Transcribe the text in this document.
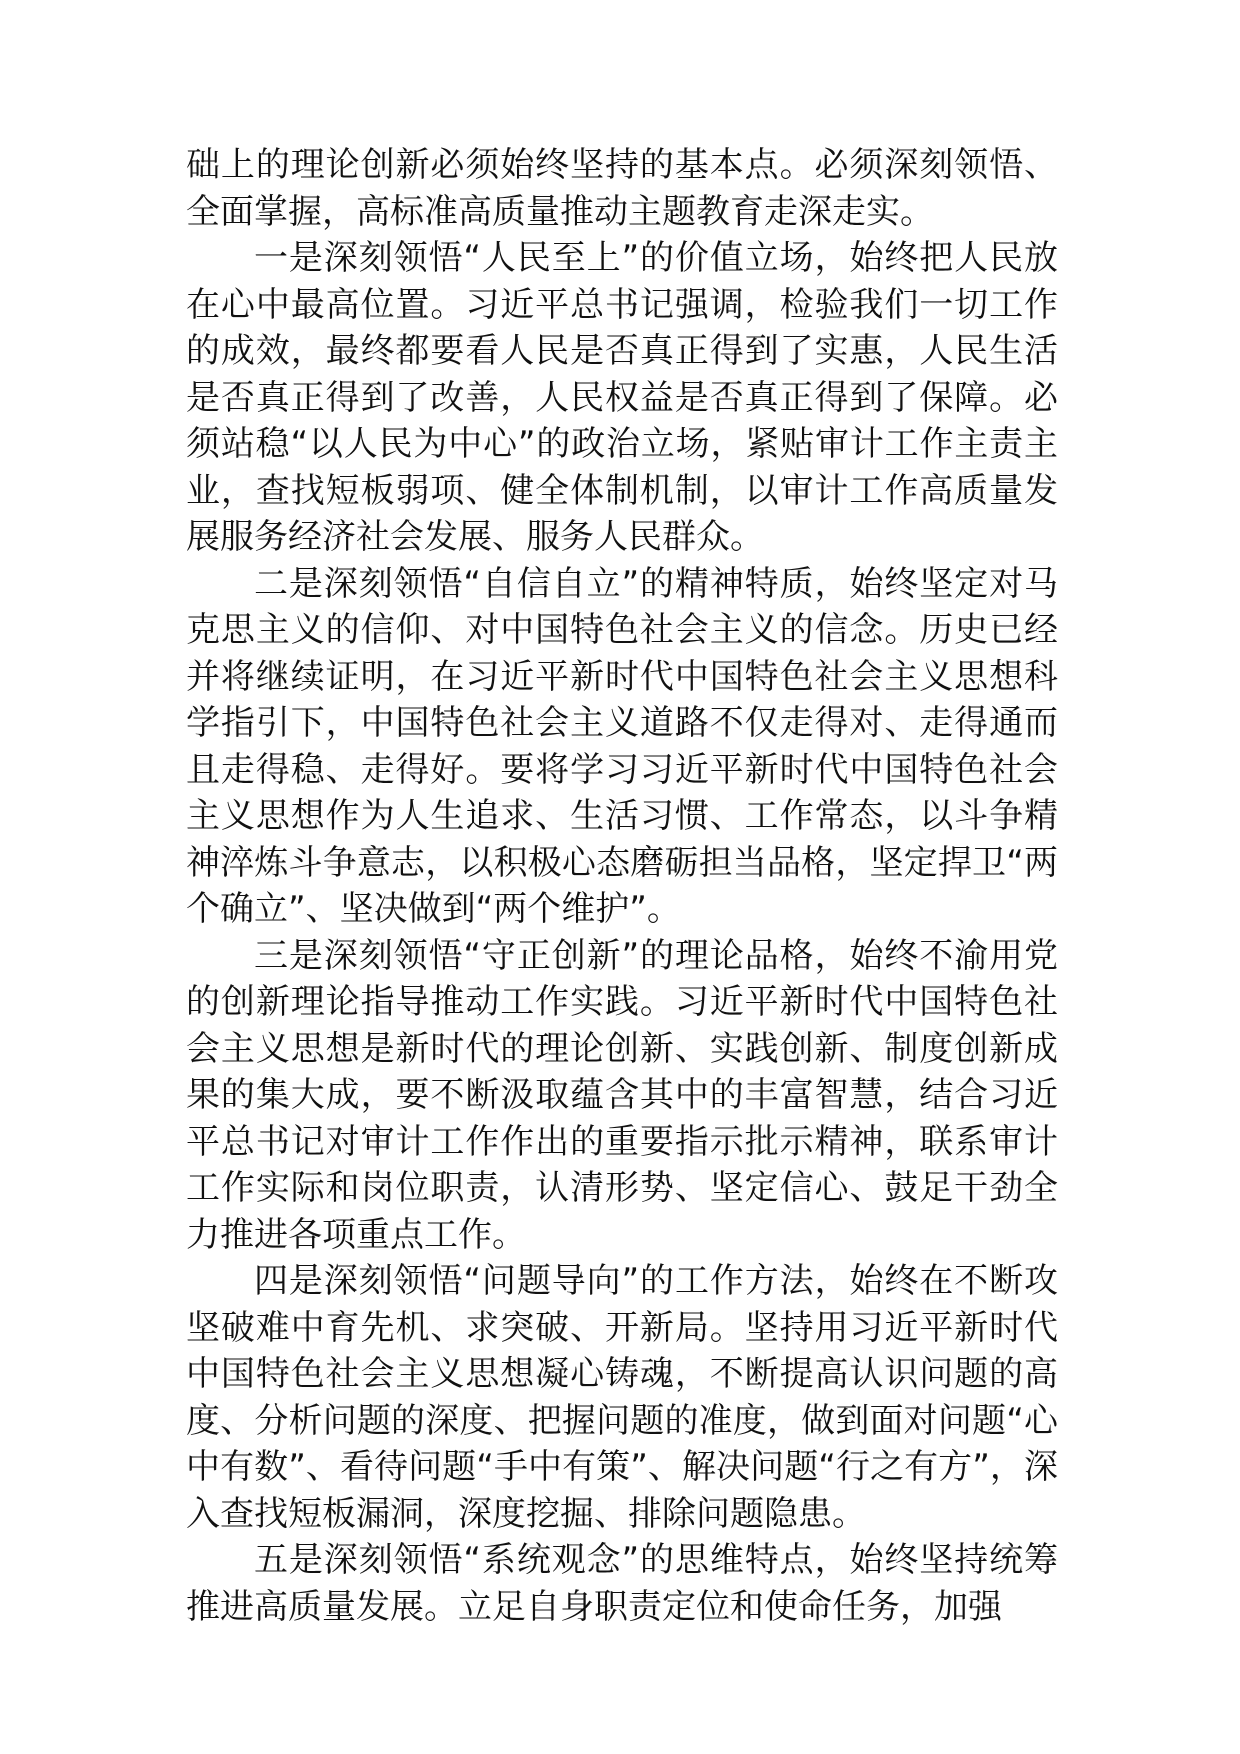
础上的理论创新必须始终坚持的基本点。必须深刻领悟、全面掌握，高标准高质量推动主题教育走深走实。

一是深刻领悟“人民至上”的价值立场，始终把人民放在心中最高位置。习近平总书记强调，检验我们一切工作的成效，最终都要看人民是否真正得到了实惠，人民生活是否真正得到了改善，人民权益是否真正得到了保障。必须站稳“以人民为中心”的政治立场，紧贴审计工作主责主业，查找短板弱项、健全体制机制，以审计工作高质量发展服务经济社会发展、服务人民群众。

二是深刻领悟“自信自立”的精神特质，始终坚定对马克思主义的信仰、对中国特色社会主义的信念。历史已经并将继续证明，在习近平新时代中国特色社会主义思想科学指引下，中国特色社会主义道路不仅走得对、走得通而且走得稳、走得好。要将学习习近平新时代中国特色社会主义思想作为人生追求、生活习惯、工作常态，以斗争精神淬炼斗争意志，以积极心态磨砺担当品格，坚定捍卫“两个确立”、坚决做到“两个维护”。

三是深刻领悟“守正创新”的理论品格，始终不渝用党的创新理论指导推动工作实践。习近平新时代中国特色社会主义思想是新时代的理论创新、实践创新、制度创新成果的集大成，要不断汲取蕴含其中的丰富智慧，结合习近平总书记对审计工作作出的重要指示批示精神，联系审计工作实际和岗位职责，认清形势、坚定信心、鼓足干劲全力推进各项重点工作。

四是深刻领悟“问题导向”的工作方法，始终在不断攻坚破难中育先机、求突破、开新局。坚持用习近平新时代中国特色社会主义思想凝心铸魂，不断提高认识问题的高度、分析问题的深度、把握问题的准度，做到面对问题“心中有数”、看待问题“手中有策”、解决问题“行之有方”，深入查找短板漏洞，深度挖掘、排除问题隐患。

五是深刻领悟“系统观念”的思维特点，始终坚持统筹推进高质量发展。立足自身职责定位和使命任务，加强
